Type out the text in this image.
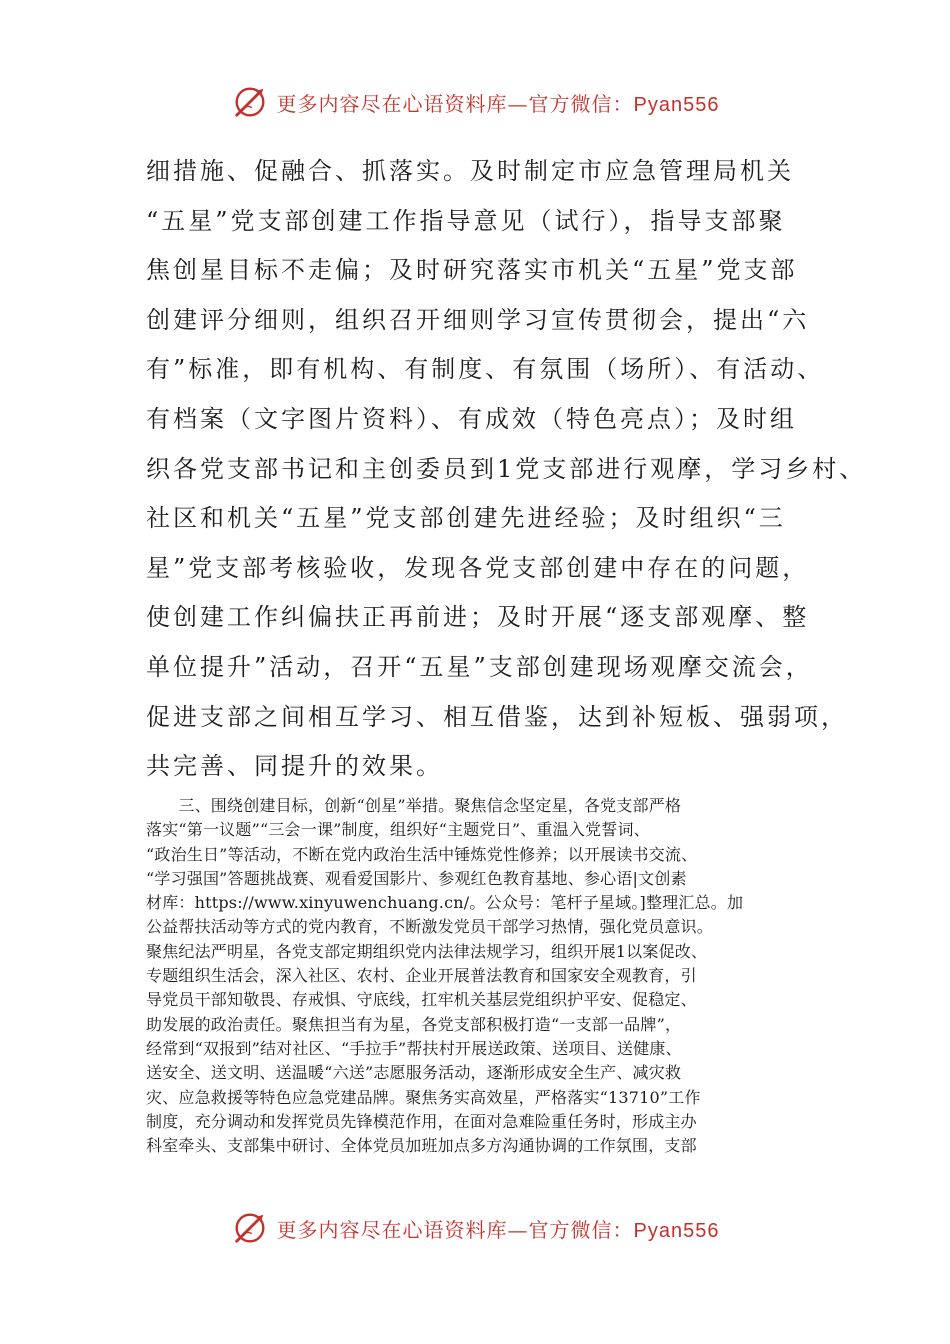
更多内容尽在心语资料库—官方微信：Pyan556
细措施、促融合、抓落实。及时制定市应急管理局机关
“五星”党支部创建工作指导意见（试行），指导支部聚
焦创星目标不走偏；及时研究落实市机关“五星”党支部
创建评分细则，组织召开细则学习宣传贯彻会，提出“六
有”标准，即有机构、有制度、有氛围（场所）、有活动、
有档案（文字图片资料）、有成效（特色亮点）；及时组
织各党支部书记和主创委员到1党支部进行观摩，学习乡村、
社区和机关“五星”党支部创建先进经验；及时组织“三
星”党支部考核验收，发现各党支部创建中存在的问题，
使创建工作纠偏扶正再前进；及时开展“逐支部观摩、整
单位提升”活动，召开“五星”支部创建现场观摩交流会，
促进支部之间相互学习、相互借鉴，达到补短板、强弱项，
共完善、同提升的效果。
　　三、围绕创建目标，创新“创星”举措。聚焦信念坚定星，各党支部严格
落实“第一议题”“三会一课”制度，组织好“主题党日”、重温入党誓词、
“政治生日”等活动，不断在党内政治生活中锤炼党性修养；以开展读书交流、
“学习强国”答题挑战赛、观看爱国影片、参观红色教育基地、参心语|文创素
材库：https://www.xinyuwenchuang.cn/。公众号：笔杆子星域。]整理汇总。加
公益帮扶活动等方式的党内教育，不断激发党员干部学习热情，强化党员意识。
聚焦纪法严明星，各党支部定期组织党内法律法规学习，组织开展1以案促改、
专题组织生活会，深入社区、农村、企业开展普法教育和国家安全观教育，引
导党员干部知敬畏、存戒惧、守底线，扛牢机关基层党组织护平安、促稳定、
助发展的政治责任。聚焦担当有为星，各党支部积极打造“一支部一品牌”，
经常到“双报到”结对社区、“手拉手”帮扶村开展送政策、送项目、送健康、
送安全、送文明、送温暖“六送”志愿服务活动，逐渐形成安全生产、减灾救
灾、应急救援等特色应急党建品牌。聚焦务实高效星，严格落实“13710”工作
制度，充分调动和发挥党员先锋模范作用，在面对急难险重任务时，形成主办
科室牵头、支部集中研讨、全体党员加班加点多方沟通协调的工作氛围，支部
更多内容尽在心语资料库—官方微信：Pyan556
